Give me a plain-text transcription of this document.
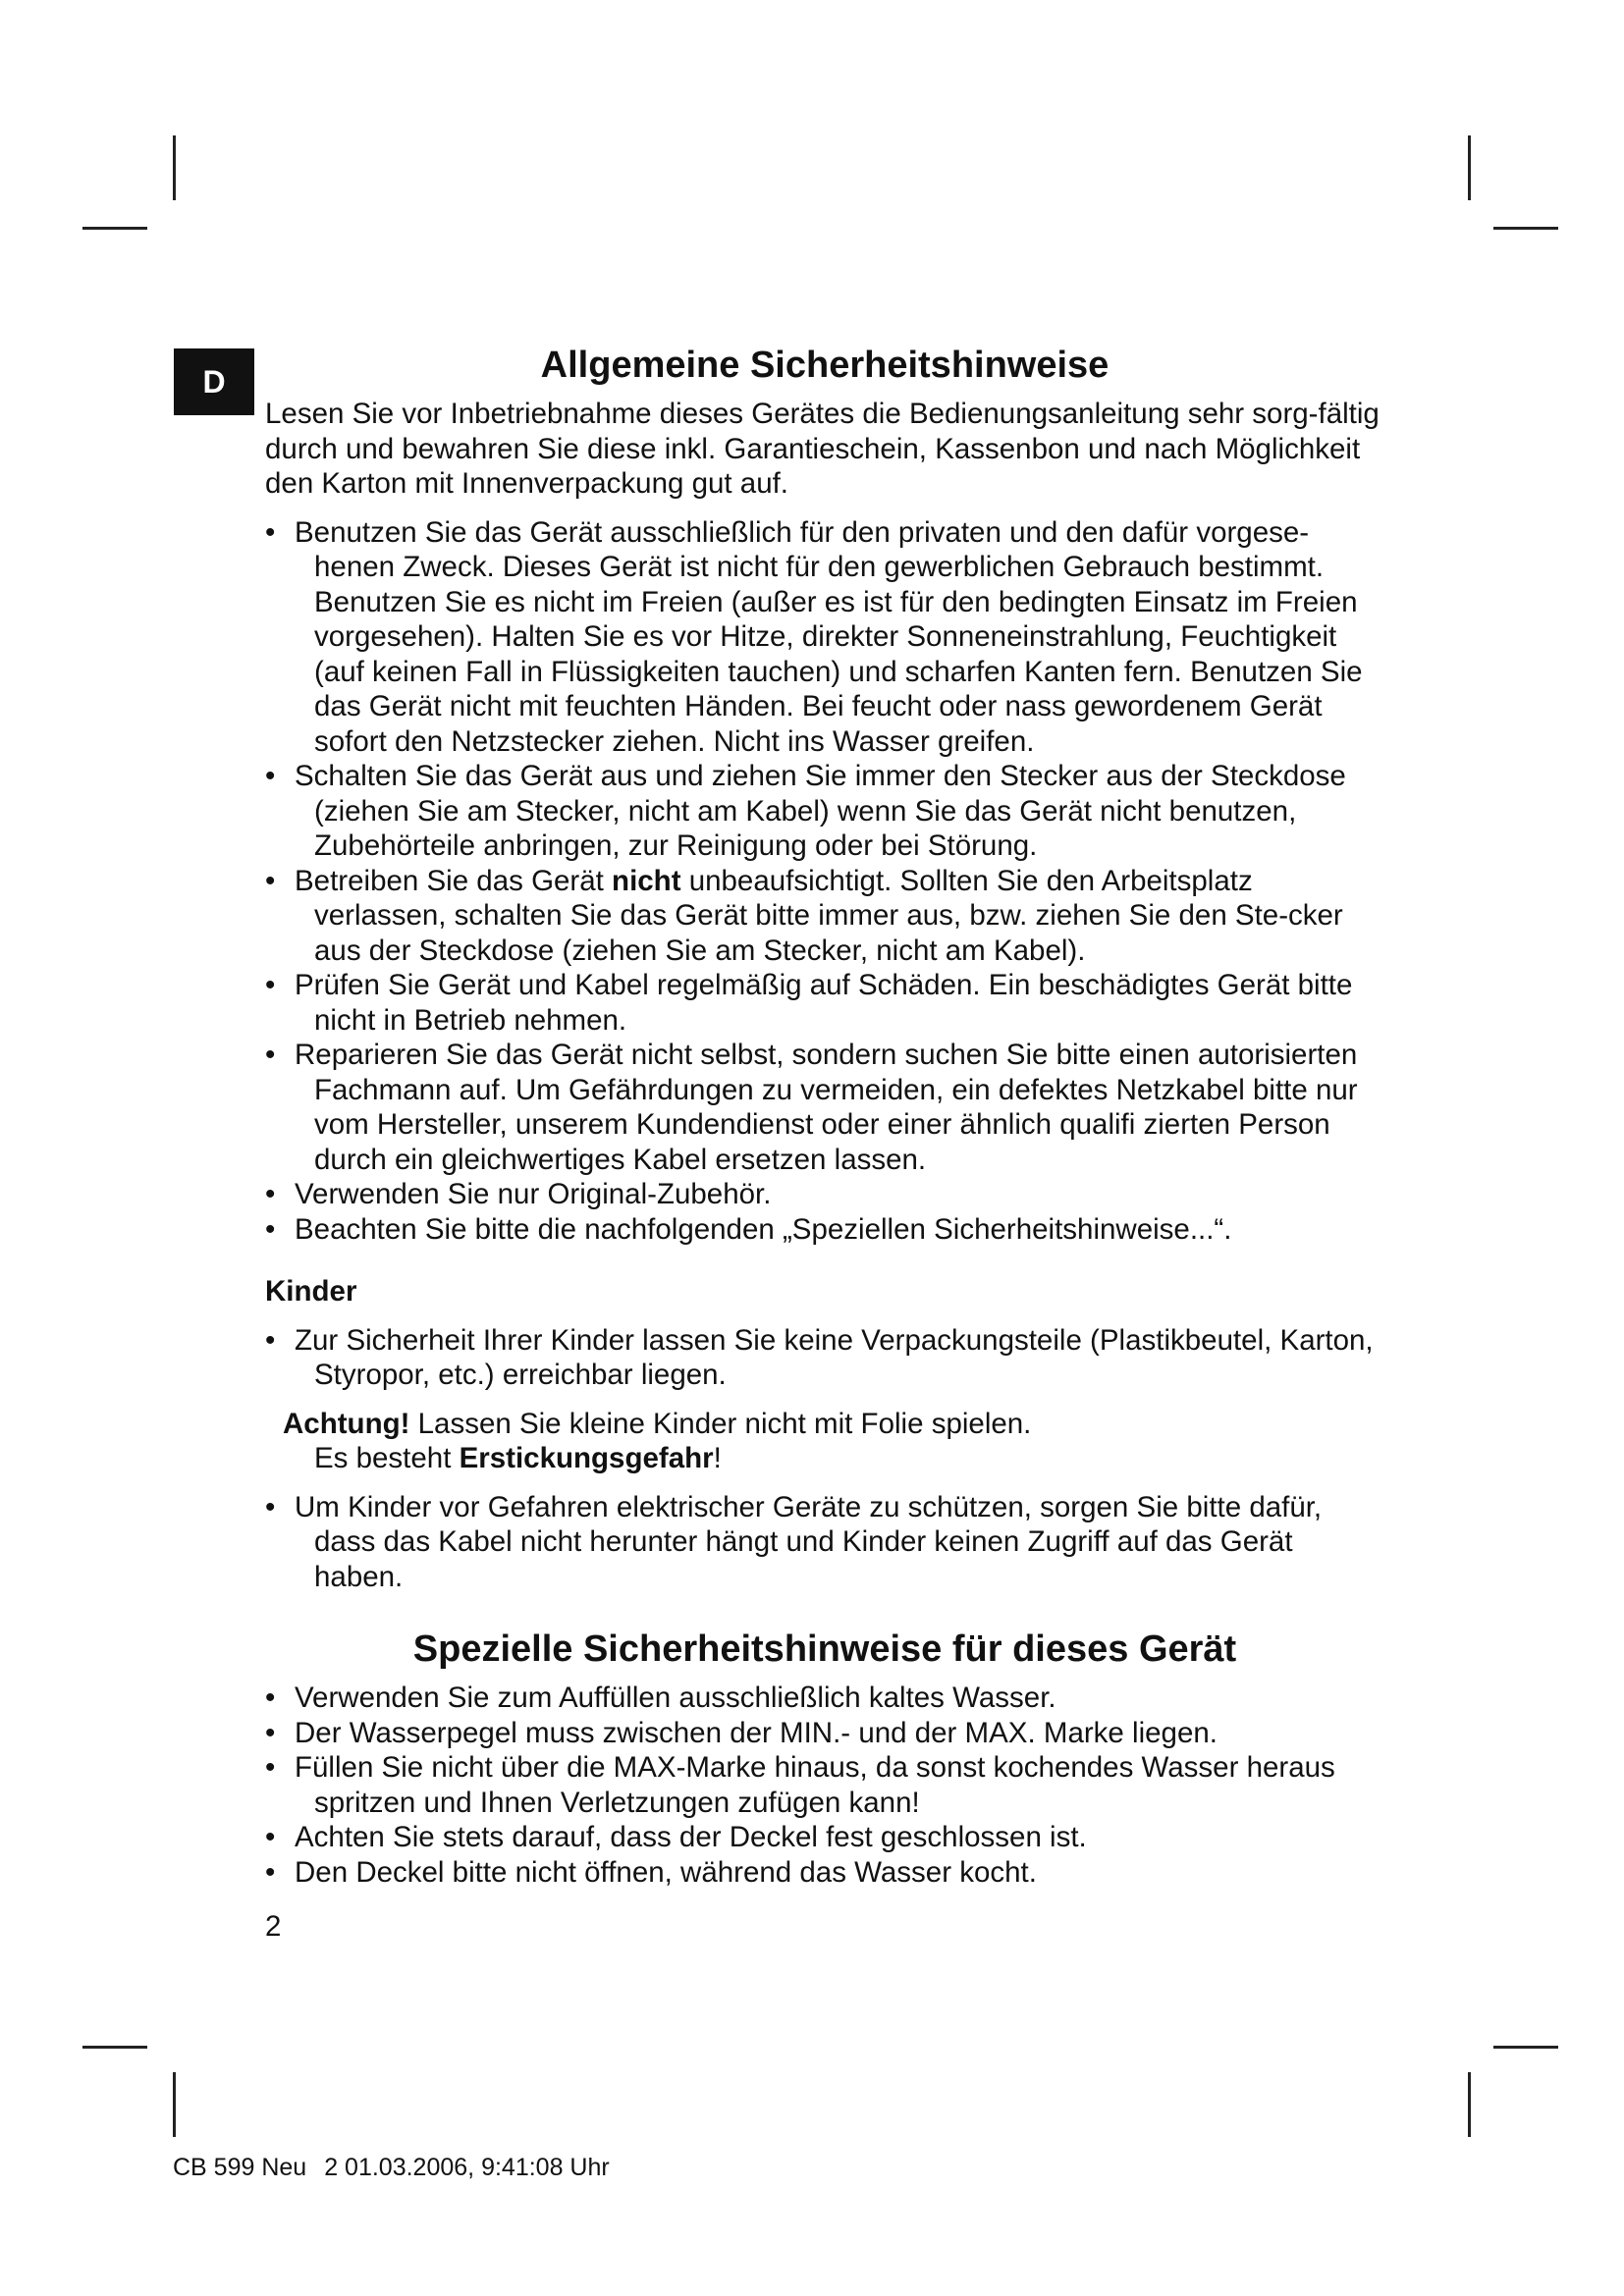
D	Allgemeine Sicherheitshinweise

Lesen Sie vor Inbetriebnahme dieses Gerätes die Bedienungsanleitung sehr sorg-fältig durch und bewahren Sie diese inkl. Garantieschein, Kassenbon und nach Möglichkeit den Karton mit Innenverpackung gut auf.

• Benutzen Sie das Gerät ausschließlich für den privaten und den dafür vorgese-henen Zweck. Dieses Gerät ist nicht für den gewerblichen Gebrauch bestimmt. Benutzen Sie es nicht im Freien (außer es ist für den bedingten Einsatz im Freien vorgesehen). Halten Sie es vor Hitze, direkter Sonneneinstrahlung, Feuchtigkeit (auf keinen Fall in Flüssigkeiten tauchen) und scharfen Kanten fern. Benutzen Sie das Gerät nicht mit feuchten Händen. Bei feucht oder nass gewordenem Gerät sofort den Netzstecker ziehen. Nicht ins Wasser greifen.
• Schalten Sie das Gerät aus und ziehen Sie immer den Stecker aus der Steckdose (ziehen Sie am Stecker, nicht am Kabel) wenn Sie das Gerät nicht benutzen, Zubehörteile anbringen, zur Reinigung oder bei Störung.
• Betreiben Sie das Gerät nicht unbeaufsichtigt. Sollten Sie den Arbeitsplatz verlassen, schalten Sie das Gerät bitte immer aus, bzw. ziehen Sie den Ste-cker aus der Steckdose (ziehen Sie am Stecker, nicht am Kabel).
• Prüfen Sie Gerät und Kabel regelmäßig auf Schäden. Ein beschädigtes Gerät bitte nicht in Betrieb nehmen.
• Reparieren Sie das Gerät nicht selbst, sondern suchen Sie bitte einen autorisierten Fachmann auf. Um Gefährdungen zu vermeiden, ein defektes Netzkabel bitte nur vom Hersteller, unserem Kundendienst oder einer ähnlich qualifi zierten Person durch ein gleichwertiges Kabel ersetzen lassen.
• Verwenden Sie nur Original-Zubehör.
• Beachten Sie bitte die nachfolgenden „Speziellen Sicherheitshinweise...“.
Kinder
• Zur Sicherheit Ihrer Kinder lassen Sie keine Verpackungsteile (Plastikbeutel, Karton, Styropor, etc.) erreichbar liegen.
Achtung! Lassen Sie kleine Kinder nicht mit Folie spielen.
Es besteht Erstickungsgefahr!
• Um Kinder vor Gefahren elektrischer Geräte zu schützen, sorgen Sie bitte dafür, dass das Kabel nicht herunter hängt und Kinder keinen Zugriff auf das Gerät haben.
Spezielle Sicherheitshinweise für dieses Gerät
• Verwenden Sie zum Auffüllen ausschließlich kaltes Wasser.
• Der Wasserpegel muss zwischen der MIN.- und der MAX. Marke liegen.
• Füllen Sie nicht über die MAX-Marke hinaus, da sonst kochendes Wasser heraus spritzen und Ihnen Verletzungen zufügen kann!
• Achten Sie stets darauf, dass der Deckel fest geschlossen ist.
• Den Deckel bitte nicht öffnen, während das Wasser kocht.
2
CB 599 Neu 2 01.03.2006, 9:41:08 Uhr
